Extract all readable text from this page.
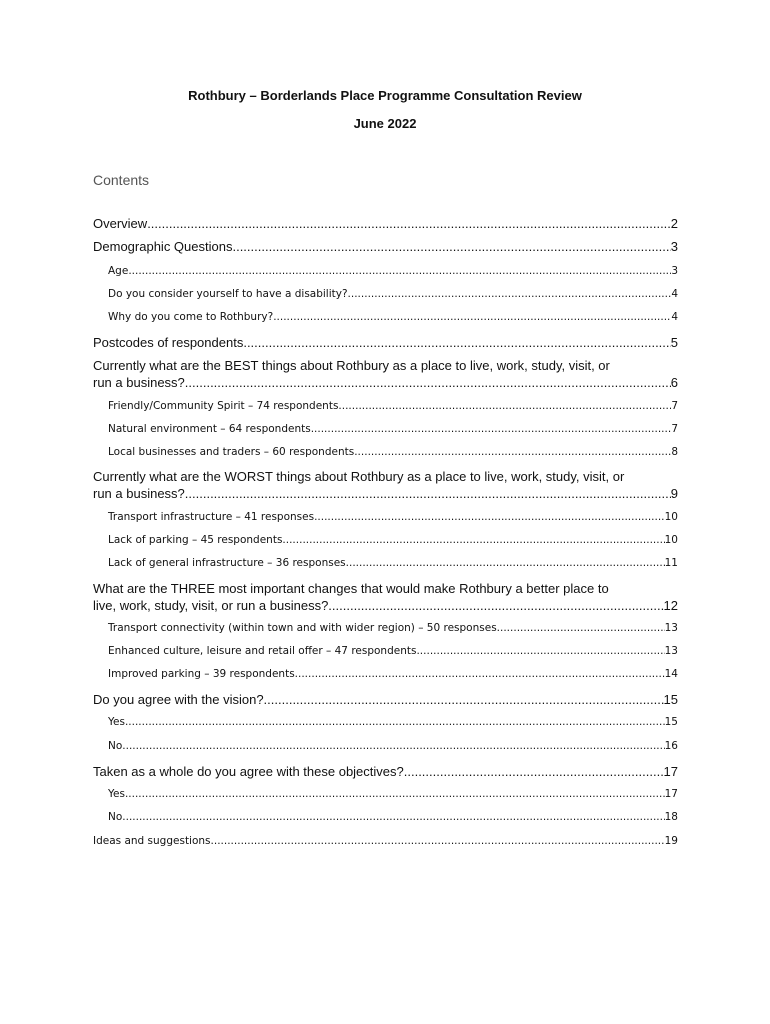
Rothbury – Borderlands Place Programme Consultation Review
June 2022
Contents
Overview .....	2
Demographic Questions .....	3
Age .....	3
Do you consider yourself to have a disability? .....	4
Why do you come to Rothbury? .....	4
Postcodes of respondents .....	5
Currently what are the BEST things about Rothbury as a place to live, work, study, visit, or
run a business? .....	6
Friendly/Community Spirit – 74 respondents .....	7
Natural environment – 64 respondents .....	7
Local businesses and traders – 60 respondents .....	8
Currently what are the WORST things about Rothbury as a place to live, work, study, visit, or
run a business? .....	9
Transport infrastructure – 41 responses .....	10
Lack of parking – 45 respondents .....	10
Lack of general infrastructure – 36 responses .....	11
What are the THREE most important changes that would make Rothbury a better place to
live, work, study, visit, or run a business? .....	12
Transport connectivity (within town and with wider region) – 50 responses .....	13
Enhanced culture, leisure and retail offer – 47 respondents .....	13
Improved parking – 39 respondents .....	14
Do you agree with the vision? .....	15
Yes .....	15
No .....	16
Taken as a whole do you agree with these objectives? .....	17
Yes .....	17
No .....	18
Ideas and suggestions .....	19
